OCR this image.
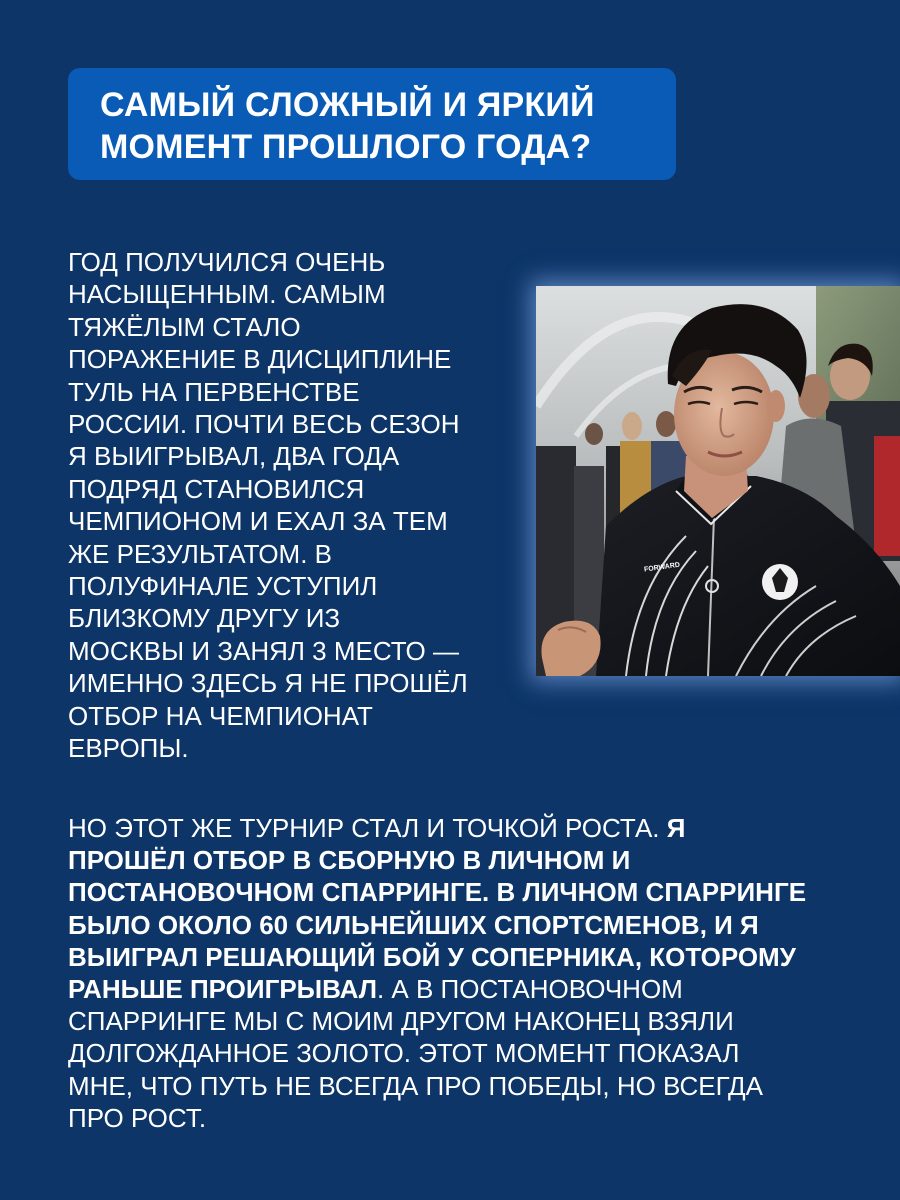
САМЫЙ СЛОЖНЫЙ И ЯРКИЙ
МОМЕНТ ПРОШЛОГО ГОДА?
ГОД ПОЛУЧИЛСЯ ОЧЕНЬ
НАСЫЩЕННЫМ. САМЫМ
ТЯЖЁЛЫМ СТАЛО
ПОРАЖЕНИЕ В ДИСЦИПЛИНЕ
ТУЛЬ НА ПЕРВЕНСТВЕ
РОССИИ. ПОЧТИ ВЕСЬ СЕЗОН
Я ВЫИГРЫВАЛ, ДВА ГОДА
ПОДРЯД СТАНОВИЛСЯ
ЧЕМПИОНОМ И ЕХАЛ ЗА ТЕМ
ЖЕ РЕЗУЛЬТАТОМ. В
ПОЛУФИНАЛЕ УСТУПИЛ
БЛИЗКОМУ ДРУГУ ИЗ
МОСКВЫ И ЗАНЯЛ 3 МЕСТО —
ИМЕННО ЗДЕСЬ Я НЕ ПРОШЁЛ
ОТБОР НА ЧЕМПИОНАТ
ЕВРОПЫ.
FORWARD
НО ЭТОТ ЖЕ ТУРНИР СТАЛ И ТОЧКОЙ РОСТА. Я
ПРОШЁЛ ОТБОР В СБОРНУЮ В ЛИЧНОМ И
ПОСТАНОВОЧНОМ СПАРРИНГЕ. В ЛИЧНОМ СПАРРИНГЕ
БЫЛО ОКОЛО 60 СИЛЬНЕЙШИХ СПОРТСМЕНОВ, И Я
ВЫИГРАЛ РЕШАЮЩИЙ БОЙ У СОПЕРНИКА, КОТОРОМУ
РАНЬШЕ ПРОИГРЫВАЛ. А В ПОСТАНОВОЧНОМ
СПАРРИНГЕ МЫ С МОИМ ДРУГОМ НАКОНЕЦ ВЗЯЛИ
ДОЛГОЖДАННОЕ ЗОЛОТО. ЭТОТ МОМЕНТ ПОКАЗАЛ
МНЕ, ЧТО ПУТЬ НЕ ВСЕГДА ПРО ПОБЕДЫ, НО ВСЕГДА
ПРО РОСТ.
